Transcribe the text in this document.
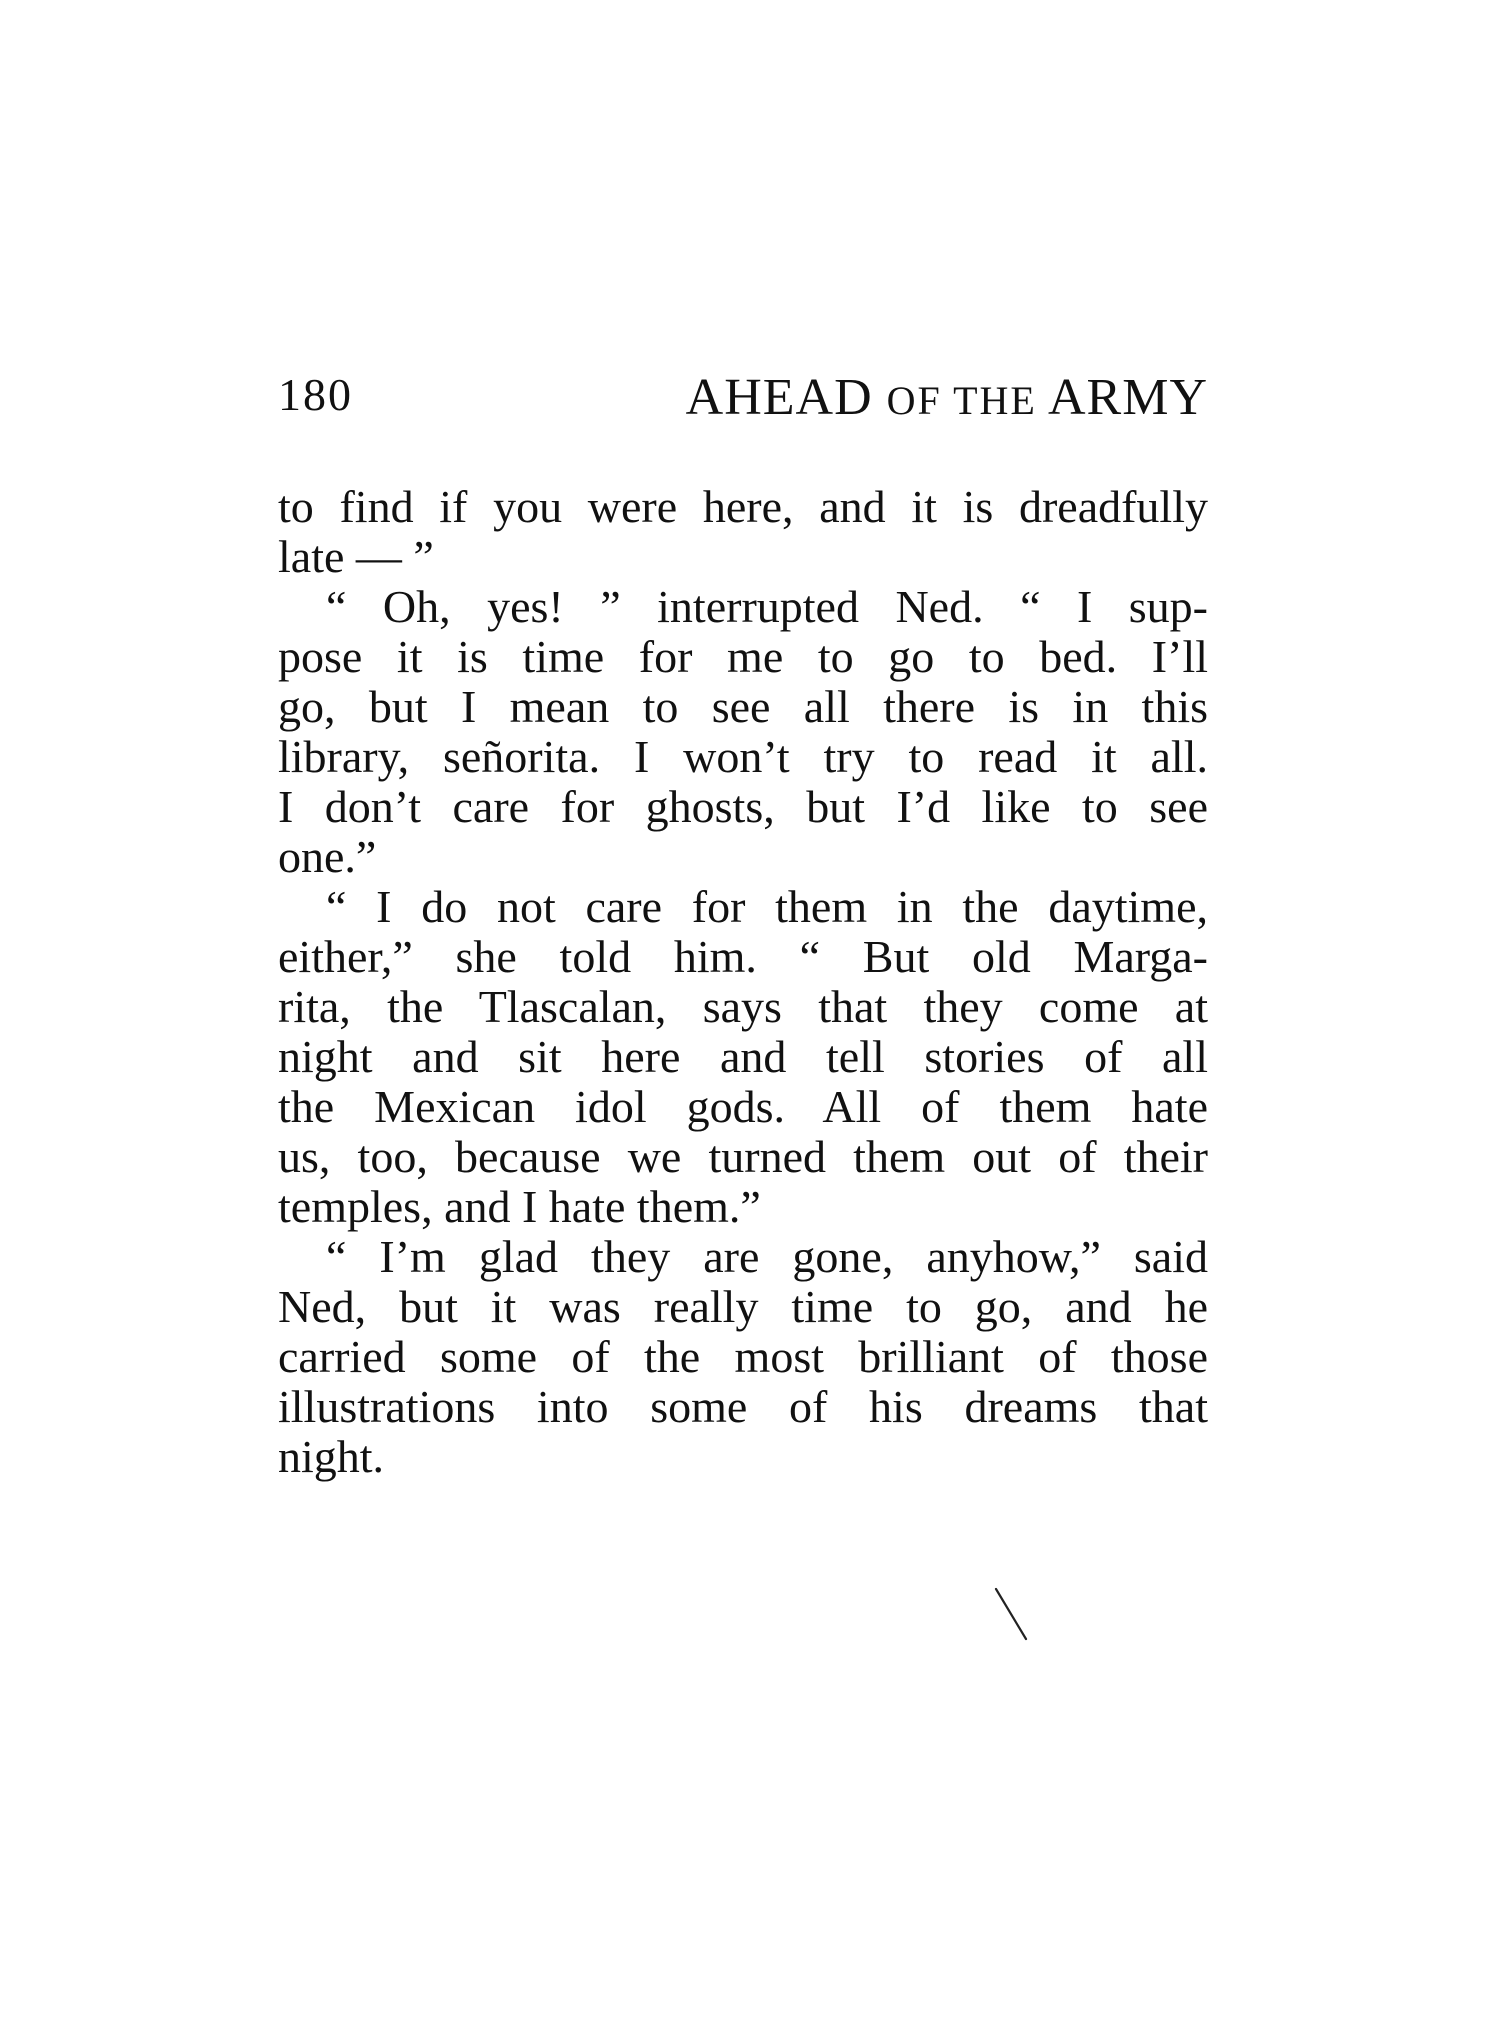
180	AHEAD OF THE ARMY
to find if you were here, and it is dreadfully
late — ”
“ Oh, yes! ” interrupted Ned. “ I sup-
pose it is time for me to go to bed. I’ll
go, but I mean to see all there is in this
library, señorita. I won’t try to read it all.
I don’t care for ghosts, but I’d like to see
one.”
“ I do not care for them in the daytime,
either,” she told him. “ But old Marga-
rita, the Tlascalan, says that they come at
night and sit here and tell stories of all
the Mexican idol gods. All of them hate
us, too, because we turned them out of their
temples, and I hate them.”
“ I’m glad they are gone, anyhow,” said
Ned, but it was really time to go, and he
carried some of the most brilliant of those
illustrations into some of his dreams that
night.
